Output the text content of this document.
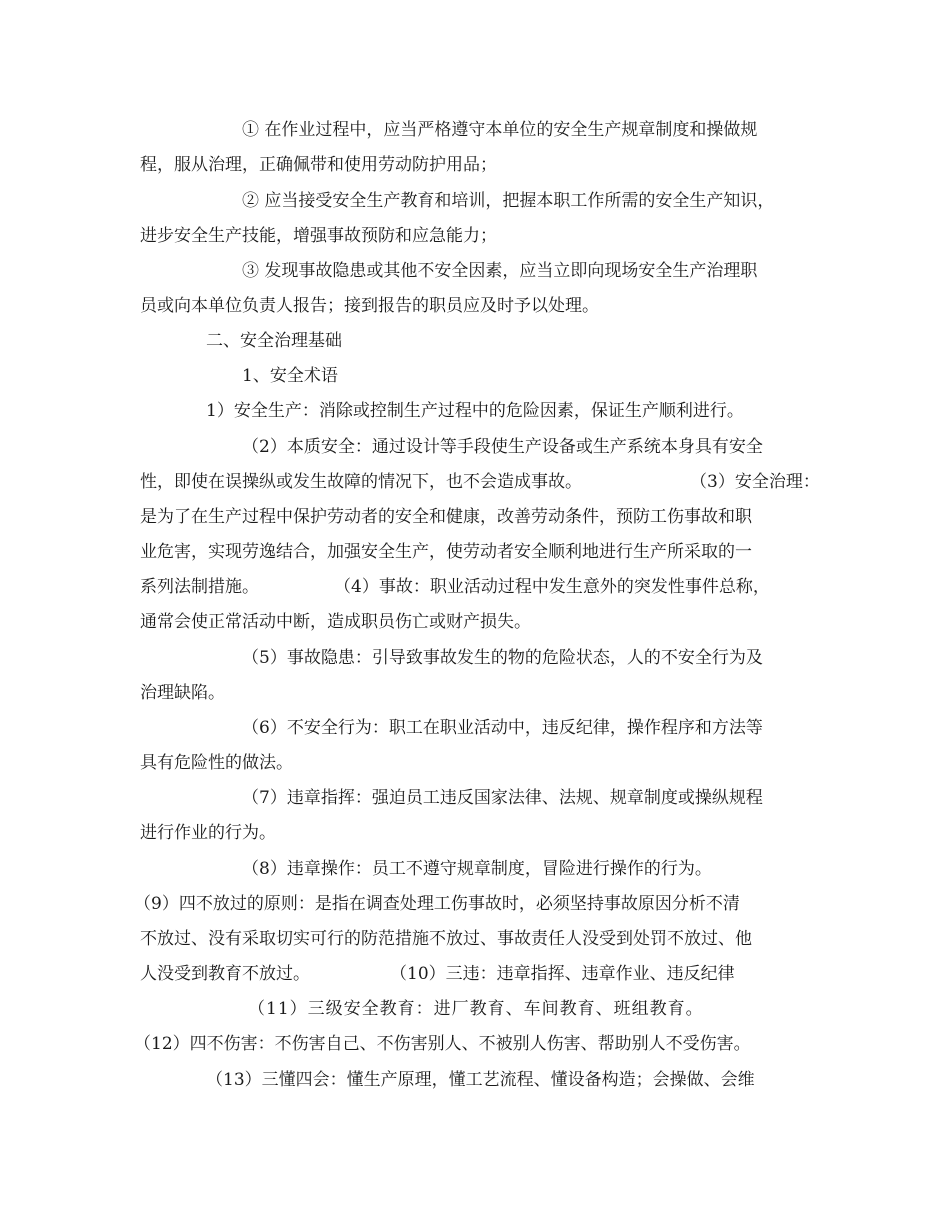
① 在作业过程中，应当严格遵守本单位的安全生产规章制度和操做规
程，服从治理，正确佩带和使用劳动防护用品；
② 应当接受安全生产教育和培训，把握本职工作所需的安全生产知识，
进步安全生产技能，增强事故预防和应急能力；
③ 发现事故隐患或其他不安全因素，应当立即向现场安全生产治理职
员或向本单位负责人报告；接到报告的职员应及时予以处理。
二、安全治理基础
1、安全术语
1）安全生产：消除或控制生产过程中的危险因素，保证生产顺利进行。
（2）本质安全：通过设计等手段使生产设备或生产系统本身具有安全
性，即使在误操纵或发生故障的情况下，也不会造成事故。	（3）安全治理：
是为了在生产过程中保护劳动者的安全和健康，改善劳动条件，预防工伤事故和职
业危害，实现劳逸结合，加强安全生产，使劳动者安全顺利地进行生产所采取的一
系列法制措施。	（4）事故：职业活动过程中发生意外的突发性事件总称，
通常会使正常活动中断，造成职员伤亡或财产损失。
（5）事故隐患：引导致事故发生的物的危险状态，人的不安全行为及
治理缺陷。
（6）不安全行为：职工在职业活动中，违反纪律，操作程序和方法等
具有危险性的做法。
（7）违章指挥：强迫员工违反国家法律、法规、规章制度或操纵规程
进行作业的行为。
（8）违章操作：员工不遵守规章制度，冒险进行操作的行为。
（9）四不放过的原则：是指在调查处理工伤事故时，必须坚持事故原因分析不清
不放过、没有采取切实可行的防范措施不放过、事故责任人没受到处罚不放过、他
人没受到教育不放过。	（10）三违：违章指挥、违章作业、违反纪律
（11）三级安全教育：进厂教育、车间教育、班组教育。
（12）四不伤害：不伤害自己、不伤害别人、不被别人伤害、帮助别人不受伤害。
（13）三懂四会：懂生产原理，懂工艺流程、懂设备构造；会操做、会维
